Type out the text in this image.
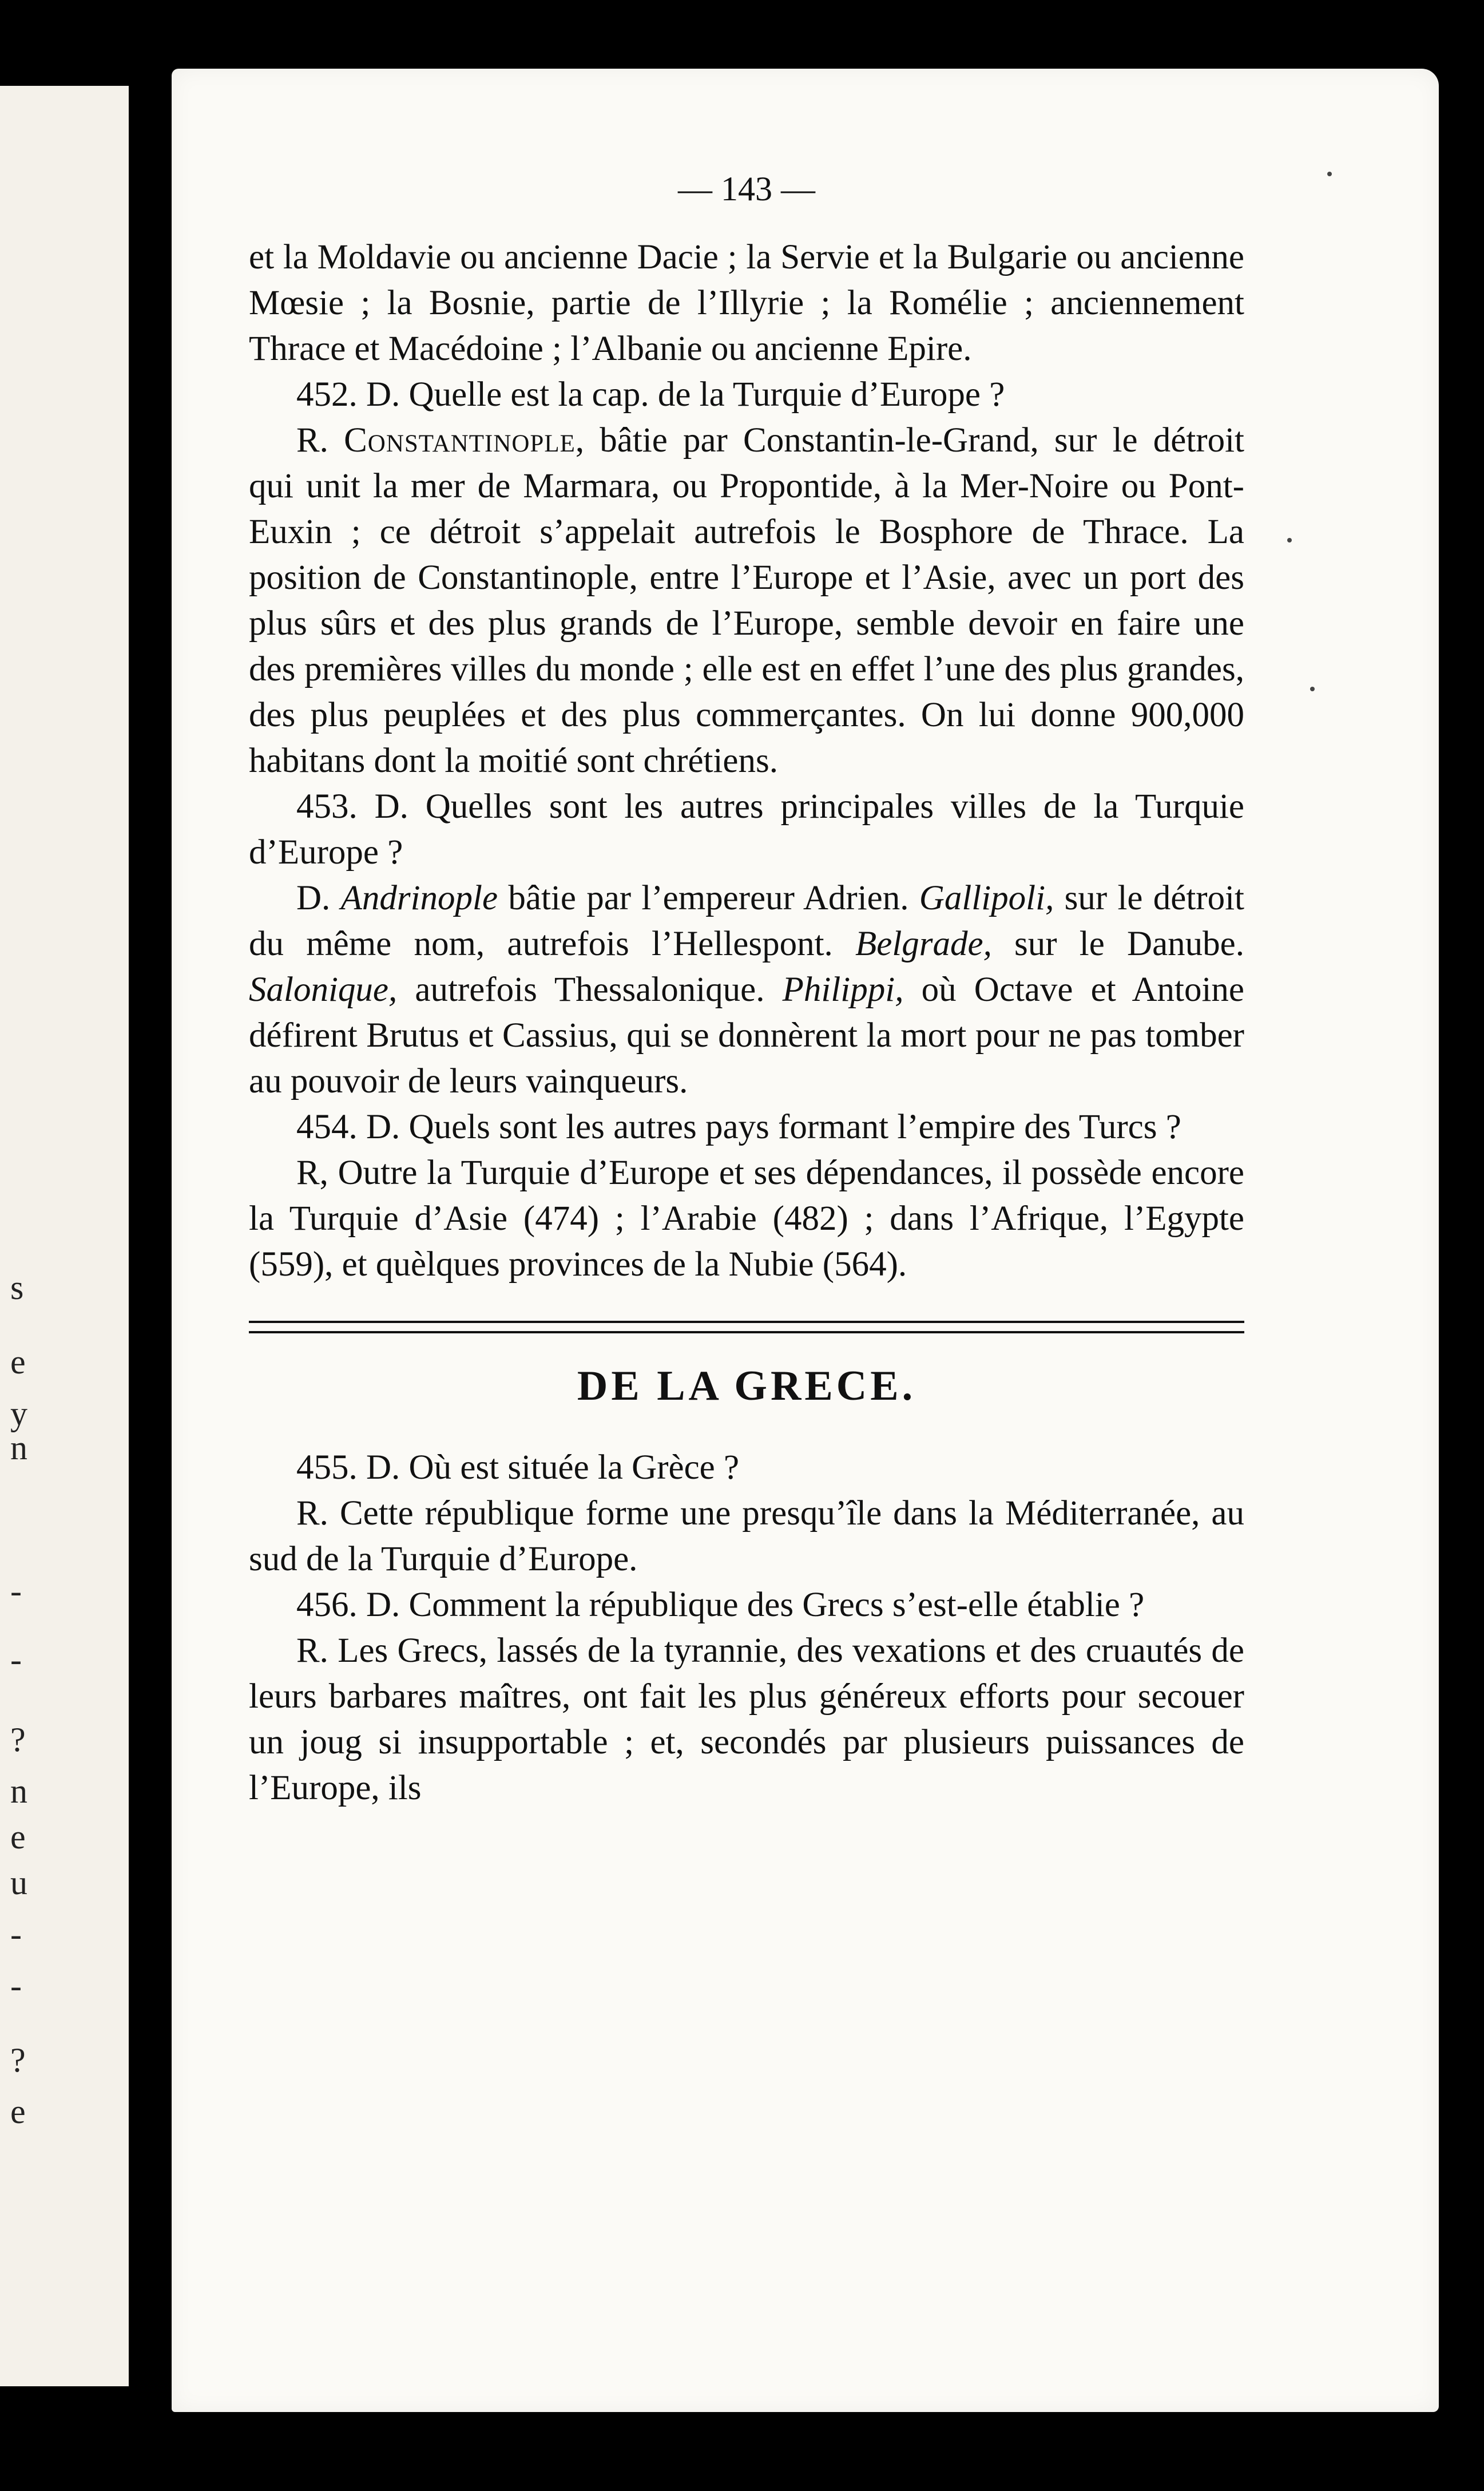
s
e
y
n
-
-
?
n
e
u
-
-
?
e
— 143 —

et la Moldavie ou ancienne Dacie ; la Servie et la Bulgarie ou ancienne Mœsie ; la Bosnie, partie de l’Illyrie ; la Romélie ; anciennement Thrace et Macédoine ; l’Albanie ou ancienne Epire.

452. D. Quelle est la cap. de la Turquie d’Europe ?

R. Constantinople, bâtie par Constantin-le-Grand, sur le détroit qui unit la mer de Marmara, ou Propontide, à la Mer-Noire ou Pont-Euxin ; ce détroit s’appelait autrefois le Bosphore de Thrace. La position de Constantinople, entre l’Europe et l’Asie, avec un port des plus sûrs et des plus grands de l’Europe, semble devoir en faire une des premières villes du monde ; elle est en effet l’une des plus grandes, des plus peuplées et des plus commerçantes. On lui donne 900,000 habitans dont la moitié sont chrétiens.

453. D. Quelles sont les autres principales villes de la Turquie d’Europe ?

D. Andrinople bâtie par l’empereur Adrien. Gallipoli, sur le détroit du même nom, autrefois l’Hellespont. Belgrade, sur le Danube. Salonique, autrefois Thessalonique. Philippi, où Octave et Antoine défirent Brutus et Cassius, qui se donnèrent la mort pour ne pas tomber au pouvoir de leurs vainqueurs.

454. D. Quels sont les autres pays formant l’empire des Turcs ?

R, Outre la Turquie d’Europe et ses dépendances, il possède encore la Turquie d’Asie (474) ; l’Arabie (482) ; dans l’Afrique, l’Egypte (559), et quèlques provinces de la Nubie (564).

DE LA GRECE.

455. D. Où est située la Grèce ?

R. Cette république forme une presqu’île dans la Méditerranée, au sud de la Turquie d’Europe.

456. D. Comment la république des Grecs s’est-elle établie ?

R. Les Grecs, lassés de la tyrannie, des vexations et des cruautés de leurs barbares maîtres, ont fait les plus généreux efforts pour secouer un joug si insupportable ; et, secondés par plusieurs puissances de l’Europe, ils
